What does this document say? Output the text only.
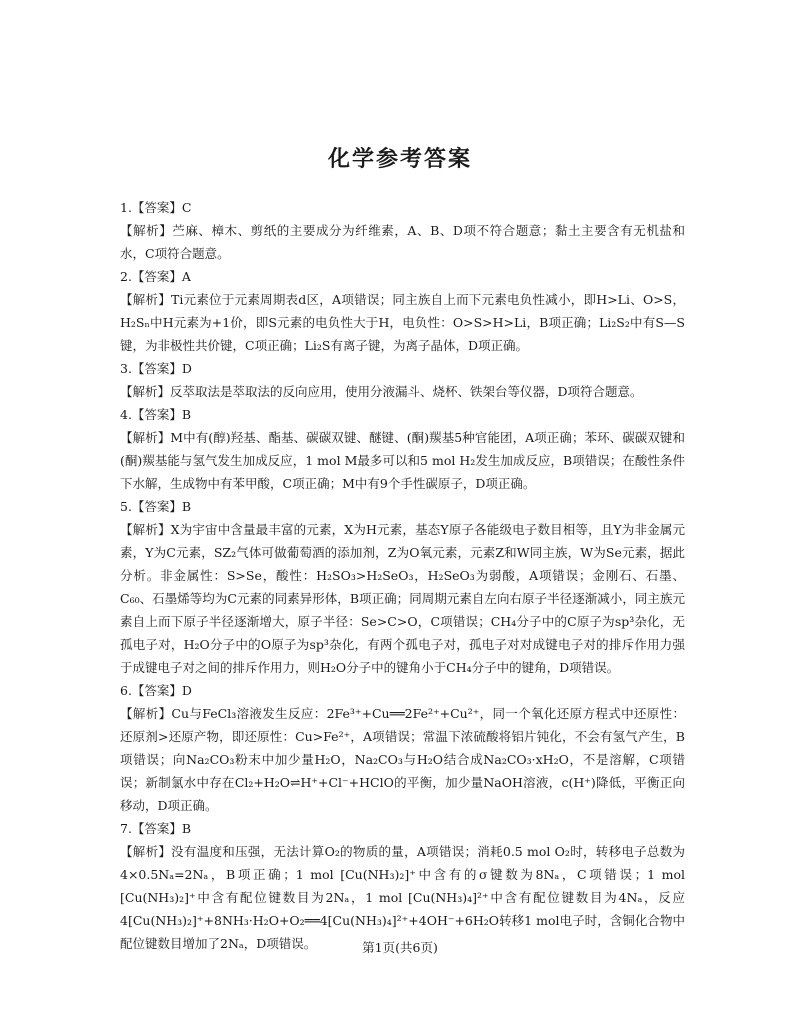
化学参考答案

1.【答案】C

【解析】苎麻、樟木、剪纸的主要成分为纤维素，A、B、D项不符合题意；黏土主要含有无机盐和水，C项符合题意。

2.【答案】A

【解析】Ti元素位于元素周期表d区，A项错误；同主族自上而下元素电负性减小，即H>Li、O>S，H₂Sₙ中H元素为+1价，即S元素的电负性大于H，电负性：O>S>H>Li，B项正确；Li₂S₂中有S—S键，为非极性共价键，C项正确；Li₂S有离子键，为离子晶体，D项正确。

3.【答案】D

【解析】反萃取法是萃取法的反向应用，使用分液漏斗、烧杯、铁架台等仪器，D项符合题意。

4.【答案】B

【解析】M中有(醇)羟基、酯基、碳碳双键、醚键、(酮)羰基5种官能团，A项正确；苯环、碳碳双键和(酮)羰基能与氢气发生加成反应，1 mol M最多可以和5 mol H₂发生加成反应，B项错误；在酸性条件下水解，生成物中有苯甲酸，C项正确；M中有9个手性碳原子，D项正确。

5.【答案】B

【解析】X为宇宙中含量最丰富的元素，X为H元素，基态Y原子各能级电子数目相等，且Y为非金属元素，Y为C元素，SZ₂气体可做葡萄酒的添加剂，Z为O氧元素，元素Z和W同主族，W为Se元素，据此分析。非金属性：S>Se，酸性：H₂SO₃>H₂SeO₃，H₂SeO₃为弱酸，A项错误；金刚石、石墨、C₆₀、石墨烯等均为C元素的同素异形体，B项正确；同周期元素自左向右原子半径逐渐减小，同主族元素自上而下原子半径逐渐增大，原子半径：Se>C>O，C项错误；CH₄分子中的C原子为sp³杂化，无孤电子对，H₂O分子中的O原子为sp³杂化，有两个孤电子对，孤电子对对成键电子对的排斥作用力强于成键电子对之间的排斥作用力，则H₂O分子中的键角小于CH₄分子中的键角，D项错误。

6.【答案】D

【解析】Cu与FeCl₃溶液发生反应：2Fe³⁺+Cu══2Fe²⁺+Cu²⁺，同一个氧化还原方程式中还原性：还原剂>还原产物，即还原性：Cu>Fe²⁺，A项错误；常温下浓硫酸将铝片钝化，不会有氢气产生，B项错误；向Na₂CO₃粉末中加少量H₂O，Na₂CO₃与H₂O结合成Na₂CO₃·xH₂O，不是溶解，C项错误；新制氯水中存在Cl₂+H₂O⇌H⁺+Cl⁻+HClO的平衡，加少量NaOH溶液，c(H⁺)降低，平衡正向移动，D项正确。

7.【答案】B

【解析】没有温度和压强，无法计算O₂的物质的量，A项错误；消耗0.5 mol O₂时，转移电子总数为4×0.5Nₐ=2Nₐ，B项正确；1 mol [Cu(NH₃)₂]⁺中含有的σ键数为8Nₐ，C项错误；1 mol [Cu(NH₃)₂]⁺中含有配位键数目为2Nₐ，1 mol [Cu(NH₃)₄]²⁺中含有配位键数目为4Nₐ，反应4[Cu(NH₃)₂]⁺+8NH₃·H₂O+O₂══4[Cu(NH₃)₄]²⁺+4OH⁻+6H₂O转移1 mol电子时，含铜化合物中配位键数目增加了2Nₐ，D项错误。	第1页(共6页)
